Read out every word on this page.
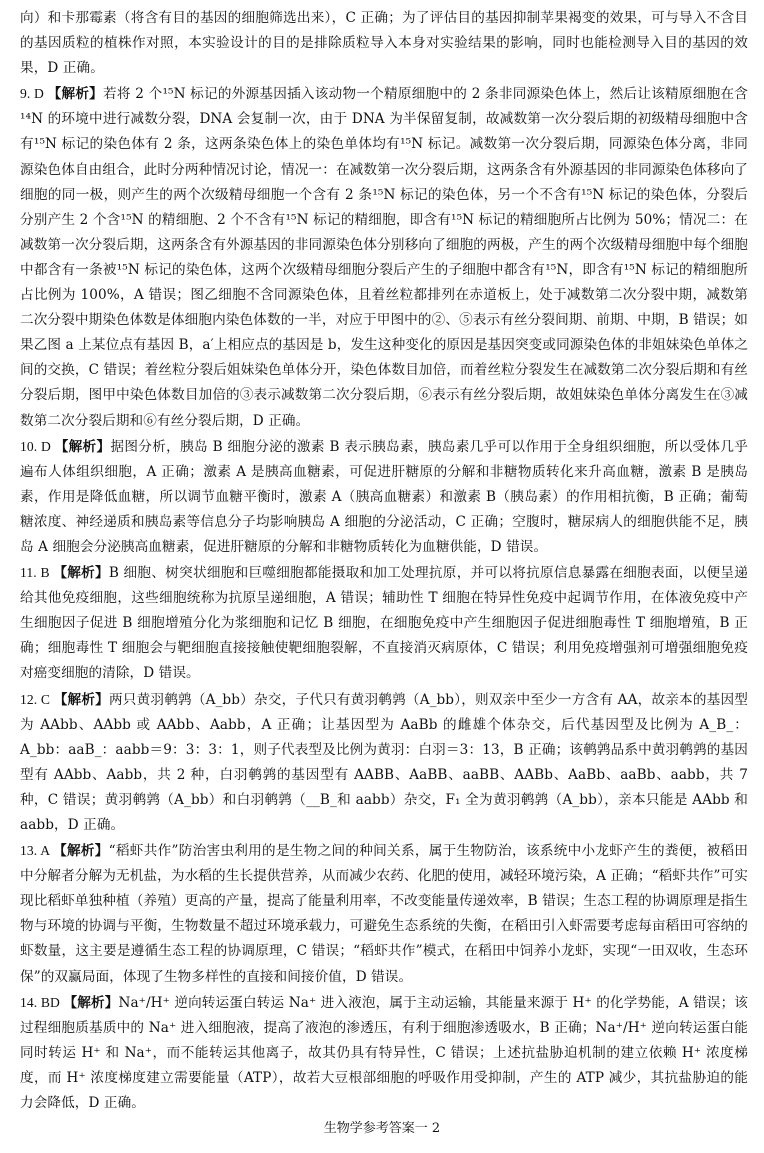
向）和卡那霉素（将含有目的基因的细胞筛选出来），C 正确；为了评估目的基因抑制苹果褐变的效果，可与导入不含目的基因质粒的植株作对照，本实验设计的目的是排除质粒导入本身对实验结果的影响，同时也能检测导入目的基因的效果，D 正确。

9. D 【解析】若将 2 个¹⁵N 标记的外源基因插入该动物一个精原细胞中的 2 条非同源染色体上，然后让该精原细胞在含¹⁴N 的环境中进行减数分裂，DNA 会复制一次，由于 DNA 为半保留复制，故减数第一次分裂后期的初级精母细胞中含有¹⁵N 标记的染色体有 2 条，这两条染色体上的染色单体均有¹⁵N 标记。减数第一次分裂后期，同源染色体分离，非同源染色体自由组合，此时分两种情况讨论，情况一：在减数第一次分裂后期，这两条含有外源基因的非同源染色体移向了细胞的同一极，则产生的两个次级精母细胞一个含有 2 条¹⁵N 标记的染色体，另一个不含有¹⁵N 标记的染色体，分裂后分别产生 2 个含¹⁵N 的精细胞、2 个不含有¹⁵N 标记的精细胞，即含有¹⁵N 标记的精细胞所占比例为 50%；情况二：在减数第一次分裂后期，这两条含有外源基因的非同源染色体分别移向了细胞的两极，产生的两个次级精母细胞中每个细胞中都含有一条被¹⁵N 标记的染色体，这两个次级精母细胞分裂后产生的子细胞中都含有¹⁵N，即含有¹⁵N 标记的精细胞所占比例为 100%，A 错误；图乙细胞不含同源染色体，且着丝粒都排列在赤道板上，处于减数第二次分裂中期，减数第二次分裂中期染色体数是体细胞内染色体数的一半，对应于甲图中的②、⑤表示有丝分裂间期、前期、中期，B 错误；如果乙图 a 上某位点有基因 B，a′上相应点的基因是 b，发生这种变化的原因是基因突变或同源染色体的非姐妹染色单体之间的交换，C 错误；着丝粒分裂后姐妹染色单体分开，染色体数目加倍，而着丝粒分裂发生在减数第二次分裂后期和有丝分裂后期，图甲中染色体数目加倍的③表示减数第二次分裂后期，⑥表示有丝分裂后期，故姐妹染色单体分离发生在③减数第二次分裂后期和⑥有丝分裂后期，D 正确。

10. D 【解析】据图分析，胰岛 B 细胞分泌的激素 B 表示胰岛素，胰岛素几乎可以作用于全身组织细胞，所以受体几乎遍布人体组织细胞，A 正确；激素 A 是胰高血糖素，可促进肝糖原的分解和非糖物质转化来升高血糖，激素 B 是胰岛素，作用是降低血糖，所以调节血糖平衡时，激素 A（胰高血糖素）和激素 B（胰岛素）的作用相抗衡，B 正确；葡萄糖浓度、神经递质和胰岛素等信息分子均影响胰岛 A 细胞的分泌活动，C 正确；空腹时，糖尿病人的细胞供能不足，胰岛 A 细胞会分泌胰高血糖素，促进肝糖原的分解和非糖物质转化为血糖供能，D 错误。

11. B 【解析】B 细胞、树突状细胞和巨噬细胞都能摄取和加工处理抗原，并可以将抗原信息暴露在细胞表面，以便呈递给其他免疫细胞，这些细胞统称为抗原呈递细胞，A 错误；辅助性 T 细胞在特异性免疫中起调节作用，在体液免疫中产生细胞因子促进 B 细胞增殖分化为浆细胞和记忆 B 细胞，在细胞免疫中产生细胞因子促进细胞毒性 T 细胞增殖，B 正确；细胞毒性 T 细胞会与靶细胞直接接触使靶细胞裂解，不直接消灭病原体，C 错误；利用免疫增强剂可增强细胞免疫对癌变细胞的清除，D 错误。

12. C 【解析】两只黄羽鹌鹑（A_bb）杂交，子代只有黄羽鹌鹑（A_bb），则双亲中至少一方含有 AA，故亲本的基因型为 AAbb、AAbb 或 AAbb、Aabb，A 正确；让基因型为 AaBb 的雌雄个体杂交，后代基因型及比例为 A_B_：A_bb：aaB_：aabb＝9：3：3：1，则子代表型及比例为黄羽：白羽＝3：13，B 正确；该鹌鹑品系中黄羽鹌鹑的基因型有 AAbb、Aabb，共 2 种，白羽鹌鹑的基因型有 AABB、AaBB、aaBB、AABb、AaBb、aaBb、aabb，共 7 种，C 错误；黄羽鹌鹑（A_bb）和白羽鹌鹑（__B_和 aabb）杂交，F₁ 全为黄羽鹌鹑（A_bb），亲本只能是 AAbb 和 aabb，D 正确。

13. A 【解析】“稻虾共作”防治害虫利用的是生物之间的种间关系，属于生物防治，该系统中小龙虾产生的粪便，被稻田中分解者分解为无机盐，为水稻的生长提供营养，从而减少农药、化肥的使用，减轻环境污染，A 正确；“稻虾共作”可实现比稻虾单独种植（养殖）更高的产量，提高了能量利用率，不改变能量传递效率，B 错误；生态工程的协调原理是指生物与环境的协调与平衡，生物数量不超过环境承载力，可避免生态系统的失衡，在稻田引入虾需要考虑每亩稻田可容纳的虾数量，这主要是遵循生态工程的协调原理，C 错误；“稻虾共作”模式，在稻田中饲养小龙虾，实现“一田双收，生态环保”的双赢局面，体现了生物多样性的直接和间接价值，D 错误。

14. BD 【解析】Na⁺/H⁺ 逆向转运蛋白转运 Na⁺ 进入液泡，属于主动运输，其能量来源于 H⁺ 的化学势能，A 错误；该过程细胞质基质中的 Na⁺ 进入细胞液，提高了液泡的渗透压，有利于细胞渗透吸水，B 正确；Na⁺/H⁺ 逆向转运蛋白能同时转运 H⁺ 和 Na⁺，而不能转运其他离子，故其仍具有特异性，C 错误；上述抗盐胁迫机制的建立依赖 H⁺ 浓度梯度，而 H⁺ 浓度梯度建立需要能量（ATP），故若大豆根部细胞的呼吸作用受抑制，产生的 ATP 减少，其抗盐胁迫的能力会降低，D 正确。

生物学参考答案一 2
